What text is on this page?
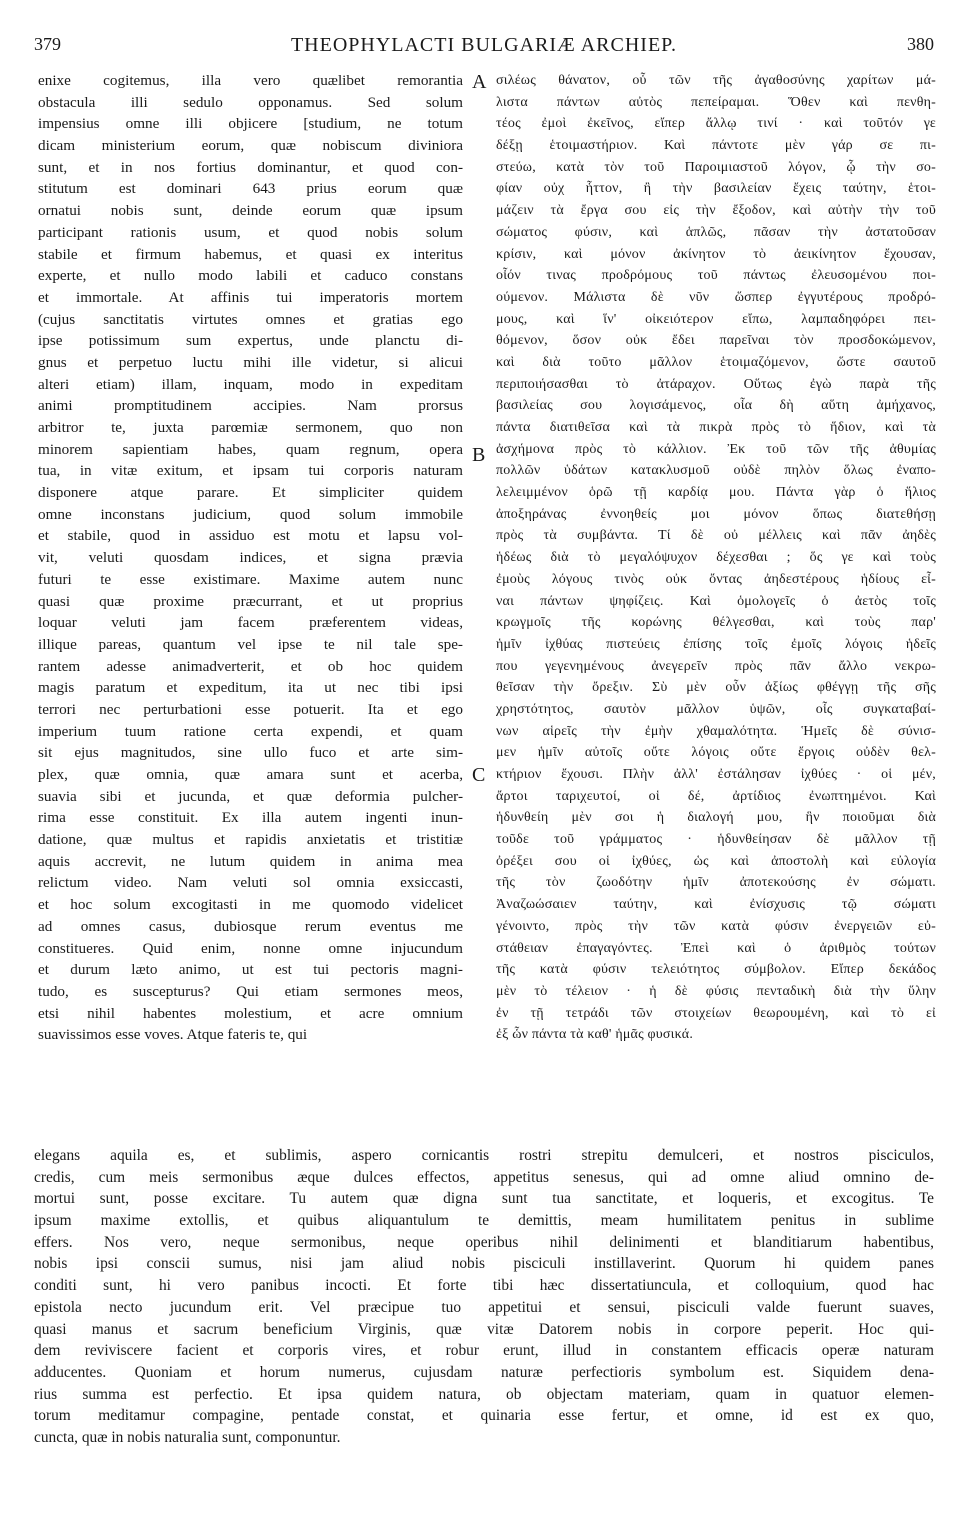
379	THEOPHYLACTI BULGARIÆ ARCHIEP.	380
A
B
C
enixe cogitemus, illa vero quælibet remorantia
obstacula illi sedulo opponamus. Sed solum
impensius omne illi objicere [studium, ne totum
dicam ministerium eorum, quæ nobiscum diviniora
sunt, et in nos fortius dominantur, et quod con-
stitutum est dominari 643 prius eorum quæ
ornatui nobis sunt, deinde eorum quæ ipsum
participant rationis usum, et quod nobis solum
stabile et firmum habemus, et quasi ex interitus
experte, et nullo modo labili et caduco constans
et immortale. At affinis tui imperatoris mortem
(cujus sanctitatis virtutes omnes et gratias ego
ipse potissimum sum expertus, unde planctu di-
gnus et perpetuo luctu mihi ille videtur, si alicui
alteri etiam) illam, inquam, modo in expeditam
animi promptitudinem accipies. Nam prorsus
arbitror te, juxta parœmiæ sermonem, quo non
minorem sapientiam habes, quam regnum, opera
tua, in vitæ exitum, et ipsam tui corporis naturam
disponere atque parare. Et simpliciter quidem
omne inconstans judicium, quod solum immobile
et stabile, quod in assiduo est motu et lapsu vol-
vit, veluti quosdam indices, et signa prævia
futuri te esse existimare. Maxime autem nunc
quasi quæ proxime præcurrant, et ut proprius
loquar veluti jam facem præferentem videas,
illique pareas, quantum vel ipse te nil tale spe-
rantem adesse animadverterit, et ob hoc quidem
magis paratum et expeditum, ita ut nec tibi ipsi
terrori nec perturbationi esse potuerit. Ita et ego
imperium tuum ratione certa expendi, et quam
sit ejus magnitudos, sine ullo fuco et arte sim-
plex, quæ omnia, quæ amara sunt et acerba,
suavia sibi et jucunda, et quæ deformia pulcher-
rima esse constituit. Ex illa autem ingenti inun-
datione, quæ multus et rapidis anxietatis et tristitiæ
aquis accrevit, ne lutum quidem in anima mea
relictum video. Nam veluti sol omnia exsiccasti,
et hoc solum excogitasti in me quomodo videlicet
ad omnes casus, dubiosque rerum eventus me
constitueres. Quid enim, nonne omne injucundum
et durum læto animo, ut est tui pectoris magni-
tudo, es suscepturus? Qui etiam sermones meos,
etsi nihil habentes molestium, et acre omnium
suavissimos esse voves. Atque fateris te, qui
σιλέως θάνατον, οὗ τῶν τῆς ἀγαθοσύνης χαρίτων μά-
λιστα πάντων αὐτὸς πεπείραμαι. Ὅθεν καὶ πενθη-
τέος ἐμοὶ ἐκεῖνος, εἴπερ ἄλλῳ τινί · καὶ τοῦτόν γε
δέξῃ ἑτοιμαστήριον. Καὶ πάντοτε μὲν γάρ σε πι-
στεύω, κατὰ τὸν τοῦ Παροιμιαστοῦ λόγον, ᾧ τὴν σο-
φίαν οὐχ ἧττον, ἢ τὴν βασιλείαν ἔχεις ταύτην, ἑτοι-
μάζειν τὰ ἔργα σου εἰς τὴν ἔξοδον, καὶ αὐτὴν τὴν τοῦ
σώματος φύσιν, καὶ ἁπλῶς, πᾶσαν τὴν ἀστατοῦσαν
κρίσιν, καὶ μόνον ἀκίνητον τὸ ἀεικίνητον ἔχουσαν,
οἷόν τινας προδρόμους τοῦ πάντως ἐλευσομένου ποι-
ούμενον. Μάλιστα δὲ νῦν ὥσπερ ἐγγυτέρους προδρό-
μους, καὶ ἵν' οἰκειότερον εἴπω, λαμπαδηφόρει πει-
θόμενον, ὅσον οὐκ ἔδει παρεῖναι τὸν προσδοκώμενον,
καὶ διὰ τοῦτο μᾶλλον ἑτοιμαζόμενον, ὥστε σαυτοῦ
περιποιήσασθαι τὸ ἀτάραχον. Οὕτως ἐγὼ παρὰ τῆς
βασιλείας σου λογισάμενος, οἷα δὴ αὕτη ἀμήχανος,
πάντα διατιθεῖσα καὶ τὰ πικρὰ πρὸς τὸ ἥδιον, καὶ τὰ
ἀσχήμονα πρὸς τὸ κάλλιον. Ἐκ τοῦ τῶν τῆς ἀθυμίας
πολλῶν ὑδάτων κατακλυσμοῦ οὐδὲ πηλὸν ὅλως ἐναπο-
λελειμμένον ὁρῶ τῇ καρδίᾳ μου. Πάντα γὰρ ὁ ἥλιος
ἀποξηράνας ἐννοηθείς μοι μόνον ὅπως διατεθήσῃ
πρὸς τὰ συμβάντα. Τί δὲ οὐ μέλλεις καὶ πᾶν ἀηδὲς
ἡδέως διὰ τὸ μεγαλόψυχον δέχεσθαι ; ὅς γε καὶ τοὺς
ἐμοὺς λόγους τινὸς οὐκ ὄντας ἀηδεστέρους ἡδίους εἶ-
ναι πάντων ψηφίζεις. Καὶ ὁμολογεῖς ὁ ἀετὸς τοῖς
κρωγμοῖς τῆς κορώνης θέλγεσθαι, καὶ τοὺς παρ'
ἡμῖν ἰχθύας πιστεύεις ἐπίσης τοῖς ἐμοῖς λόγοις ἡδεῖς
που γεγενημένους ἀνεγερεῖν πρὸς πᾶν ἄλλο νεκρω-
θεῖσαν τὴν ὄρεξιν. Σὺ μὲν οὖν ἀξίως φθέγγῃ τῆς σῆς
χρηστότητος, σαυτὸν μᾶλλον ὑψῶν, οἷς συγκαταβαί-
νων αἱρεῖς τὴν ἐμὴν χθαμαλότητα. Ἡμεῖς δὲ σύνισ-
μεν ἡμῖν αὐτοῖς οὔτε λόγοις οὔτε ἔργοις οὐδὲν θελ-
κτήριον ἔχουσι. Πλὴν ἀλλ' ἐστάλησαν ἰχθύες · οἱ μέν,
ἄρτοι ταριχευτοί, οἱ δέ, ἀρτίδιος ἐνωπτημένοι. Καὶ
ἡδυνθείη μὲν σοι ἡ διαλογή μου, ἣν ποιοῦμαι διὰ
τοῦδε τοῦ γράμματος · ἡδυνθείησαν δὲ μᾶλλον τῇ
ὀρέξει σου οἱ ἰχθύες, ὡς καὶ ἀποστολὴ καὶ εὐλογία
τῆς τὸν ζωοδότην ἡμῖν ἀποτεκούσης ἐν σώματι.
Ἀναζωώσαιεν ταύτην, καὶ ἐνίσχυσις τῷ σώματι
γένοιντο, πρὸς τὴν τῶν κατὰ φύσιν ἐνεργειῶν εὐ-
στάθειαν ἐπαγαγόντες. Ἐπεὶ καὶ ὁ ἀριθμὸς τούτων
τῆς κατὰ φύσιν τελειότητος σύμβολον. Εἴπερ δεκάδος
μὲν τὸ τέλειον · ἡ δὲ φύσις πενταδικὴ διὰ τὴν ὕλην
ἐν τῇ τετράδι τῶν στοιχείων θεωρουμένη, καὶ τὸ εἰ
ἐξ ὧν πάντα τὰ καθ' ἡμᾶς φυσικά.
elegans aquila es, et sublimis, aspero cornicantis rostri strepitu demulceri, et nostros pisciculos,
credis, cum meis sermonibus æque dulces effectos, appetitus senesus, qui ad omne aliud omnino de-
mortui sunt, posse excitare. Tu autem quæ digna sunt tua sanctitate, et loqueris, et excogitus. Te
ipsum maxime extollis, et quibus aliquantulum te demittis, meam humilitatem penitus in sublime
effers. Nos vero, neque sermonibus, neque operibus nihil delinimenti et blanditiarum habentibus,
nobis ipsi conscii sumus, nisi jam aliud nobis pisciculi instillaverint. Quorum hi quidem panes
conditi sunt, hi vero panibus incocti. Et forte tibi hæc dissertatiuncula, et colloquium, quod hac
epistola necto jucundum erit. Vel præcipue tuo appetitui et sensui, pisciculi valde fuerunt suaves,
quasi manus et sacrum beneficium Virginis, quæ vitæ Datorem nobis in corpore peperit. Hoc qui-
dem reviviscere facient et corporis vires, et robur erunt, illud in constantem efficacis operæ naturam
adducentes. Quoniam et horum numerus, cujusdam naturæ perfectioris symbolum est. Siquidem dena-
rius summa est perfectio. Et ipsa quidem natura, ob objectam materiam, quam in quatuor elemen-
torum meditamur compagine, pentade constat, et quinaria esse fertur, et omne, id est ex quo,
cuncta, quæ in nobis naturalia sunt, componuntur.
